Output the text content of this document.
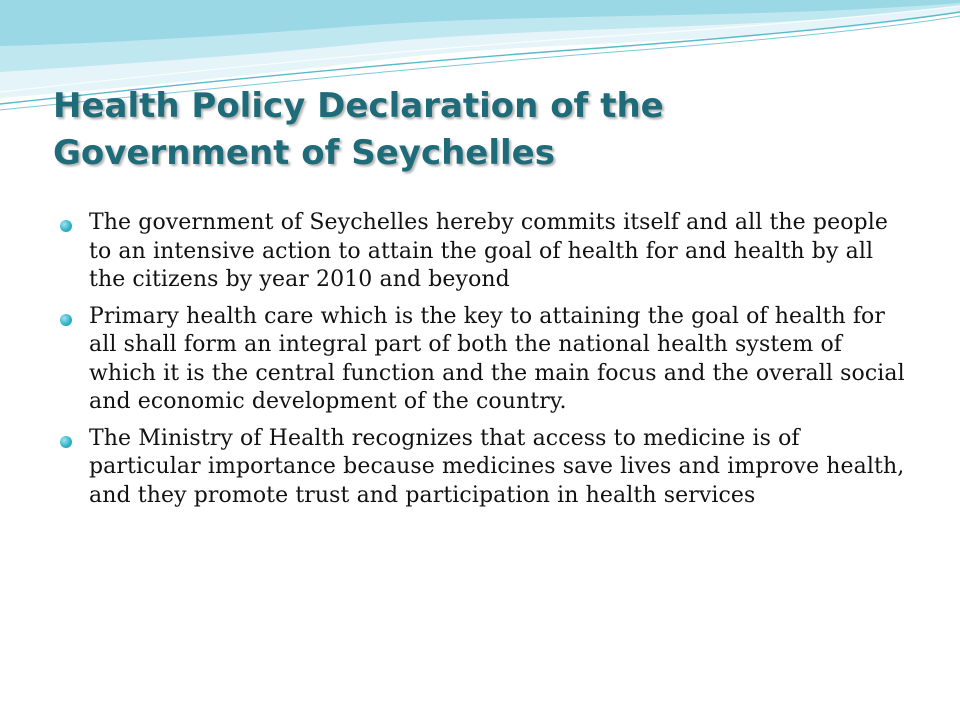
Health Policy Declaration of the
Government of Seychelles
The government of Seychelles hereby commits itself and all the people to an intensive action to attain the goal of health for and health by all the citizens by year 2010 and beyond
Primary health care which is the key to attaining the goal of health for all shall form an integral part of both the national health system of which it is the central function and the main focus and the overall social and economic development of the country.
The Ministry of Health recognizes that access to medicine is of particular importance because medicines save lives and improve health, and they promote trust and participation in health services
